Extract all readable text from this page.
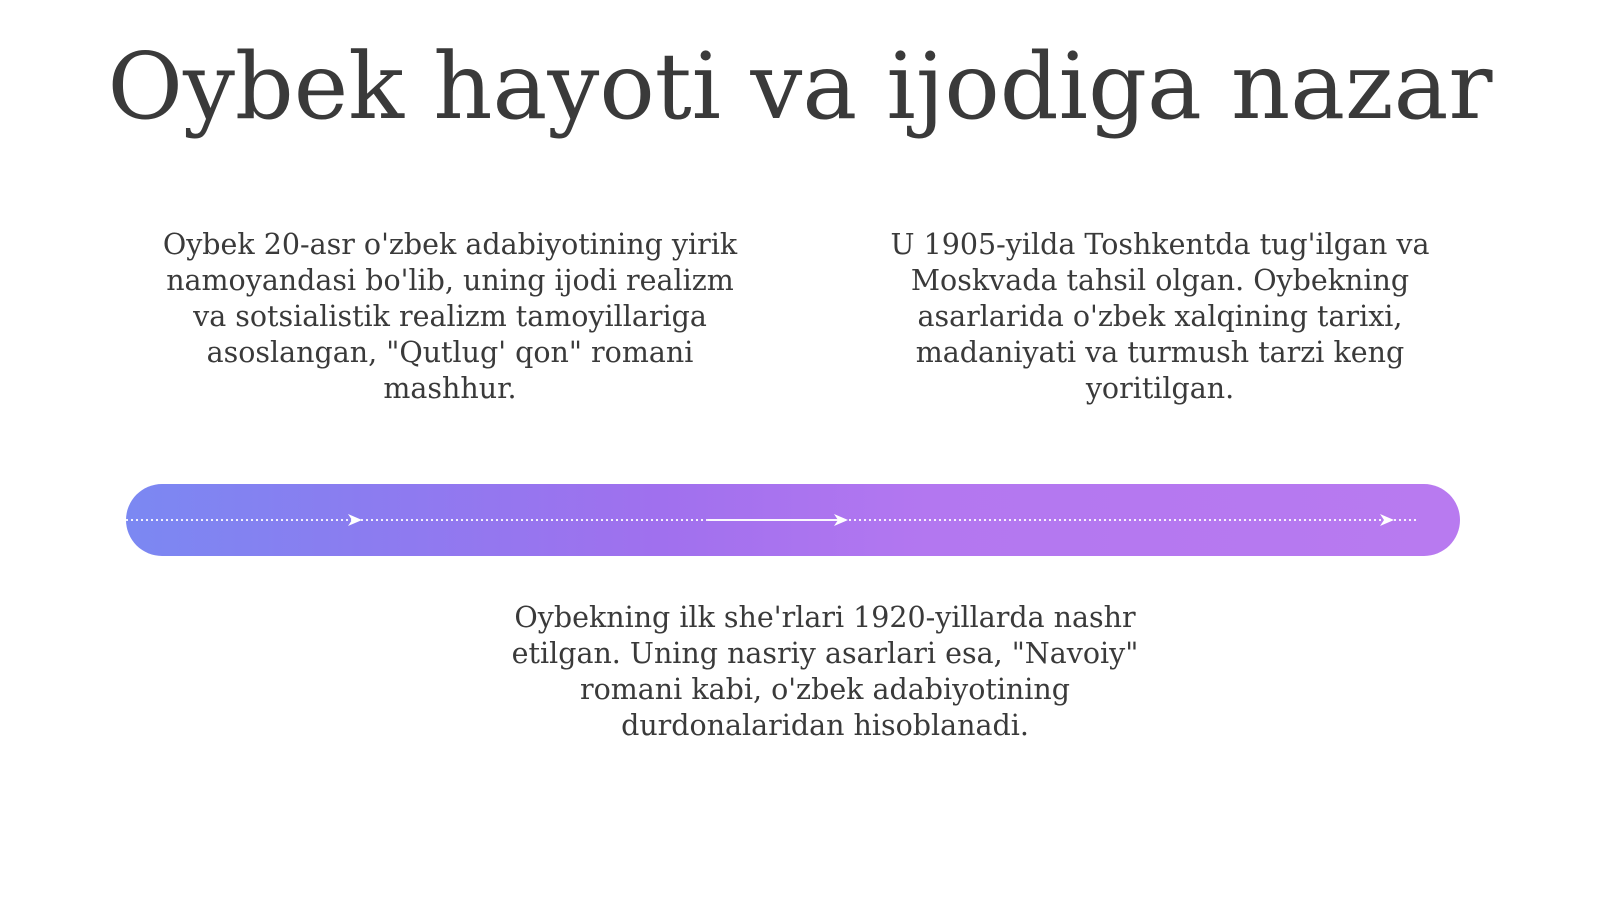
Oybek hayoti va ijodiga nazar

Oybek 20-asr o'zbek adabiyotining yirik namoyandasi bo'lib, uning ijodi realizm va sotsialistik realizm tamoyillariga asoslangan, "Qutlug' qon" romani mashhur.

U 1905-yilda Toshkentda tug'ilgan va Moskvada tahsil olgan. Oybekning asarlarida o'zbek xalqining tarixi, madaniyati va turmush tarzi keng yoritilgan.

Oybekning ilk she'rlari 1920-yillarda nashr etilgan. Uning nasriy asarlari esa, "Navoiy" romani kabi, o'zbek adabiyotining durdonalaridan hisoblanadi.
